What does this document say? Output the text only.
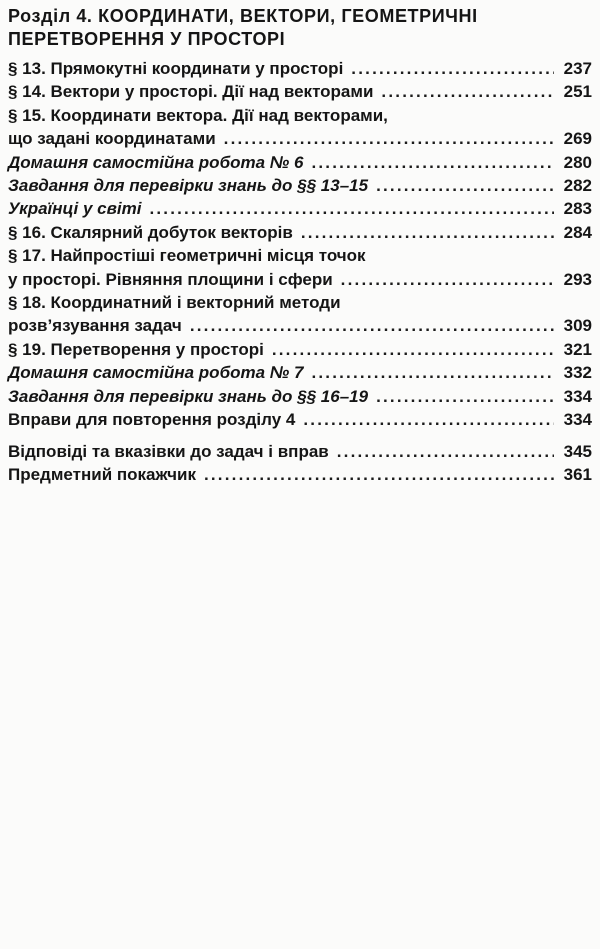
Розділ 4. КООРДИНАТИ, ВЕКТОРИ, ГЕОМЕТРИЧНІ
ПЕРЕТВОРЕННЯ У ПРОСТОРІ
§ 13. Прямокутні координати у просторі .....	237
§ 14. Вектори у просторі. Дії над векторами .....	251
§ 15. Координати вектора. Дії над векторами,
що задані координатами .....	269
Домашня самостійна робота № 6 .....	280
Завдання для перевірки знань до §§ 13–15 .....	282
Українці у світі .....	283
§ 16. Скалярний добуток векторів .....	284
§ 17. Найпростіші геометричні місця точок
у просторі. Рівняння площини і сфери .....	293
§ 18. Координатний і векторний методи
розв’язування задач .....	309
§ 19. Перетворення у просторі .....	321
Домашня самостійна робота № 7 .....	332
Завдання для перевірки знань до §§ 16–19 .....	334
Вправи для повторення розділу 4 .....	334
Відповіді та вказівки до задач і вправ .....	345
Предметний покажчик .....	361
